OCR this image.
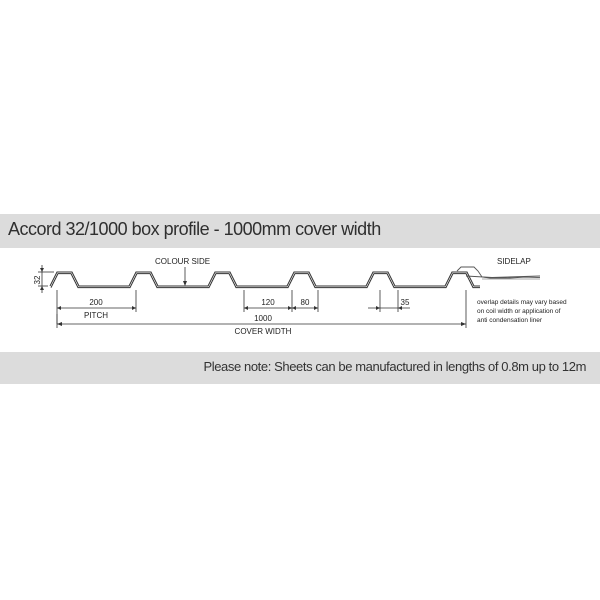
Accord 32/1000 box profile - 1000mm cover width
32
COLOUR SIDE	SIDELAP
200
PITCH
120	80	35
1000
COVER WIDTH
overlap details may vary based
on coil width or application of
anti condensation liner
Please note: Sheets can be manufactured in lengths of 0.8m up to 12m
